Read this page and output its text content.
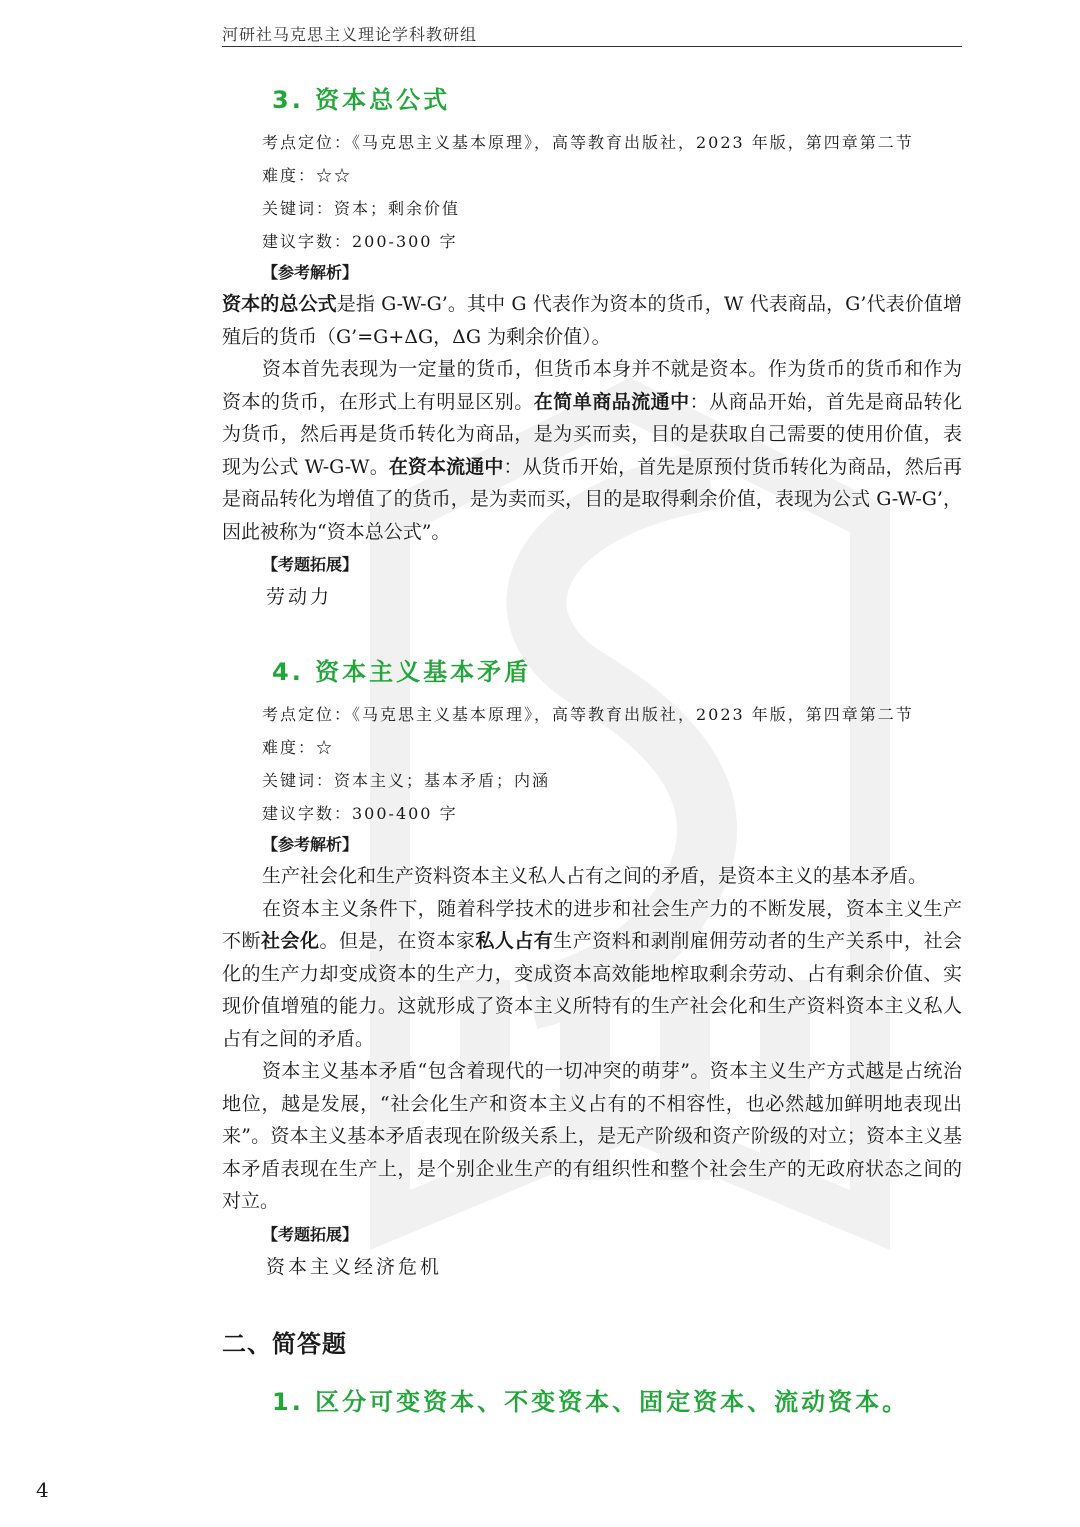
河研社马克思主义理论学科教研组
3. 资本总公式
考点定位：《马克思主义基本原理》，高等教育出版社，2023 年版，第四章第二节
难度：☆☆
关键词：资本；剩余价值
建议字数：200-300 字
【参考解析】

资本的总公式是指 G-W-G’。其中 G 代表作为资本的货币，W 代表商品，G’代表价值增殖后的货币（G’=G+ΔG，ΔG 为剩余价值）。

资本首先表现为一定量的货币，但货币本身并不就是资本。作为货币的货币和作为资本的货币，在形式上有明显区别。在简单商品流通中：从商品开始，首先是商品转化为货币，然后再是货币转化为商品，是为买而卖，目的是获取自己需要的使用价值，表现为公式 W-G-W。在资本流通中：从货币开始，首先是原预付货币转化为商品，然后再是商品转化为增值了的货币，是为卖而买，目的是取得剩余价值，表现为公式 G-W-G’，因此被称为“资本总公式”。

【考题拓展】
劳动力
4. 资本主义基本矛盾
考点定位：《马克思主义基本原理》，高等教育出版社，2023 年版，第四章第二节
难度：☆
关键词：资本主义；基本矛盾；内涵
建议字数：300-400 字
【参考解析】

生产社会化和生产资料资本主义私人占有之间的矛盾，是资本主义的基本矛盾。

在资本主义条件下，随着科学技术的进步和社会生产力的不断发展，资本主义生产不断社会化。但是，在资本家私人占有生产资料和剥削雇佣劳动者的生产关系中，社会化的生产力却变成资本的生产力，变成资本高效能地榨取剩余劳动、占有剩余价值、实现价值增殖的能力。这就形成了资本主义所特有的生产社会化和生产资料资本主义私人占有之间的矛盾。

资本主义基本矛盾“包含着现代的一切冲突的萌芽”。资本主义生产方式越是占统治地位，越是发展，“社会化生产和资本主义占有的不相容性，也必然越加鲜明地表现出来”。资本主义基本矛盾表现在阶级关系上，是无产阶级和资产阶级的对立；资本主义基本矛盾表现在生产上，是个别企业生产的有组织性和整个社会生产的无政府状态之间的对立。

【考题拓展】
资本主义经济危机
二、简答题
1. 区分可变资本、不变资本、固定资本、流动资本。
4
